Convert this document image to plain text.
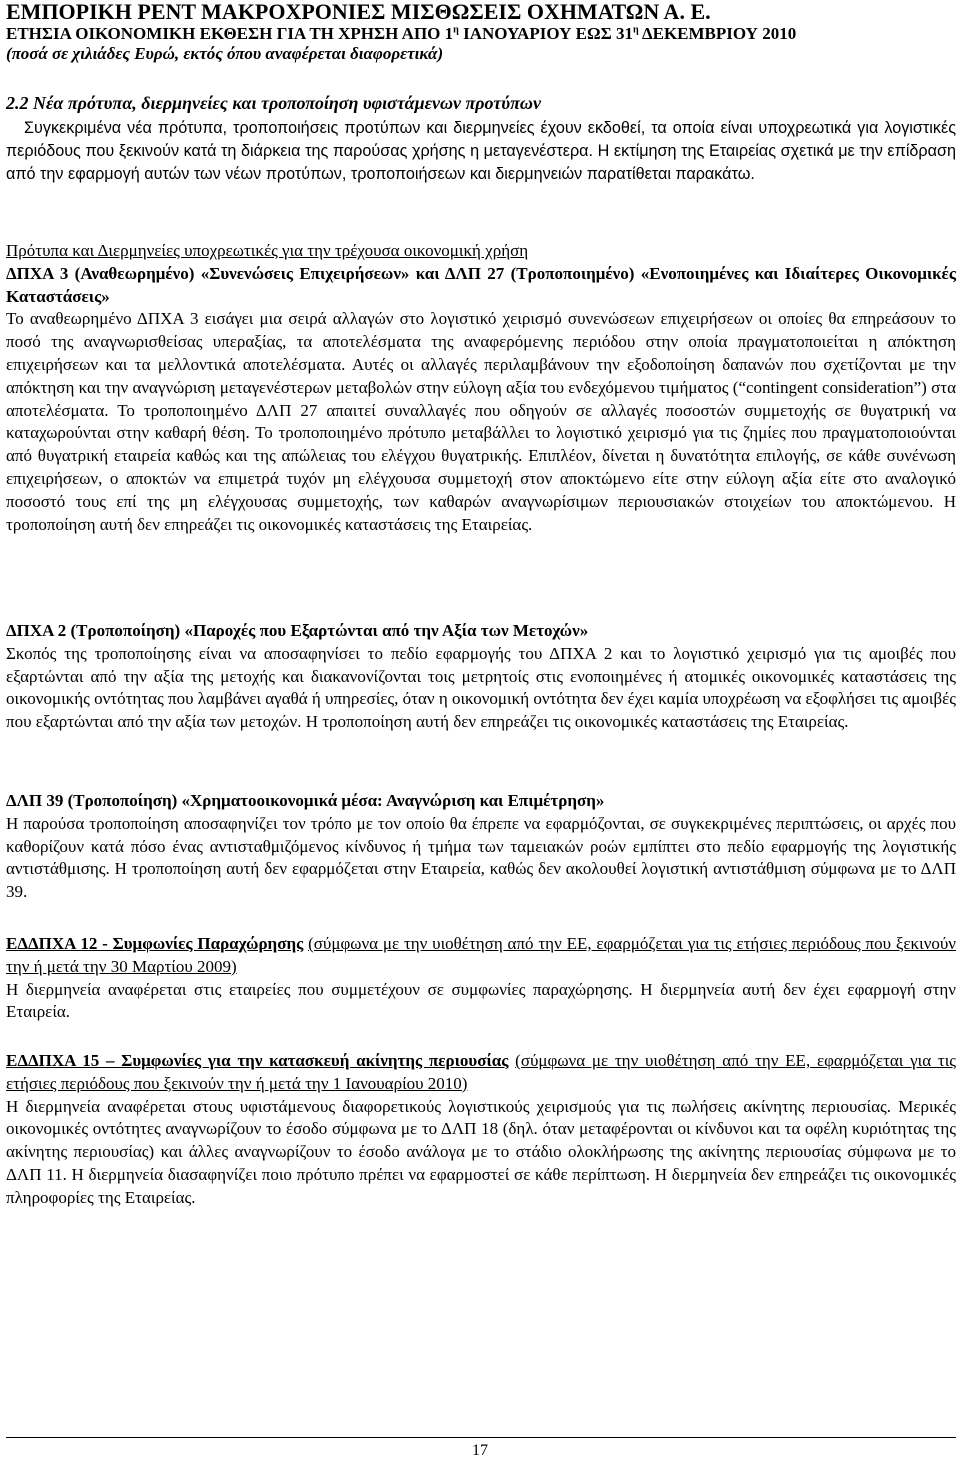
ΕΜΠΟΡΙΚΗ ΡΕΝΤ ΜΑΚΡΟΧΡΟΝΙΕΣ ΜΙΣΘΩΣΕΙΣ ΟΧΗΜΑΤΩΝ Α. Ε.
ΕΤΗΣΙΑ ΟΙΚΟΝΟΜΙΚΗ ΕΚΘΕΣΗ ΓΙΑ ΤΗ ΧΡΗΣΗ ΑΠΟ $1^\eta$ ΙΑΝΟΥΑΡΙΟΥ ΕΩΣ $31^\eta$ ΔΕΚΕΜΒΡΙΟΥ 2010
(ποσά σε χιλιάδες Ευρώ, εκτός όπου αναφέρεται διαφορετικά)
2.2 Νέα πρότυπα, διερμηνείες και τροποποίηση υφιστάμενων προτύπων

Συγκεκριμένα νέα πρότυπα, τροποποιήσεις προτύπων και διερμηνείες έχουν εκδοθεί, τα οποία είναι υποχρεωτικά για λογιστικές περιόδους που ξεκινούν κατά τη διάρκεια της παρούσας χρήσης η μεταγενέστερα. Η εκτίμηση της Εταιρείας σχετικά με την επίδραση από την εφαρμογή αυτών των νέων προτύπων, τροποποιήσεων και διερμηνειών παρατίθεται παρακάτω.

Πρότυπα και Διερμηνείες υποχρεωτικές για την τρέχουσα οικονομική χρήση

ΔΠΧΑ 3 (Αναθεωρημένο) «Συνενώσεις Επιχειρήσεων» και ΔΛΠ 27 (Τροποποιημένο) «Ενοποιημένες και Ιδιαίτερες Οικονομικές Καταστάσεις»

Το αναθεωρημένο ΔΠΧΑ 3 εισάγει μια σειρά αλλαγών στο λογιστικό χειρισμό συνενώσεων επιχειρήσεων οι οποίες θα επηρεάσουν το ποσό της αναγνωρισθείσας υπεραξίας, τα αποτελέσματα της αναφερόμενης περιόδου στην οποία πραγματοποιείται η απόκτηση επιχειρήσεων και τα μελλοντικά αποτελέσματα. Αυτές οι αλλαγές περιλαμβάνουν την εξοδοποίηση δαπανών που σχετίζονται με την απόκτηση και την αναγνώριση μεταγενέστερων μεταβολών στην εύλογη αξία του ενδεχόμενου τιμήματος (“contingent consideration”) στα αποτελέσματα. Το τροποποιημένο ΔΛΠ 27 απαιτεί συναλλαγές που οδηγούν σε αλλαγές ποσοστών συμμετοχής σε θυγατρική να καταχωρούνται στην καθαρή θέση. Το τροποποιημένο πρότυπο μεταβάλλει το λογιστικό χειρισμό για τις ζημίες που πραγματοποιούνται από θυγατρική εταιρεία καθώς και της απώλειας του ελέγχου θυγατρικής. Επιπλέον, δίνεται η δυνατότητα επιλογής, σε κάθε συνένωση επιχειρήσεων, ο αποκτών να επιμετρά τυχόν μη ελέγχουσα συμμετοχή στον αποκτώμενο είτε στην εύλογη αξία είτε στο αναλογικό ποσοστό τους επί της μη ελέγχουσας συμμετοχής, των καθαρών αναγνωρίσιμων περιουσιακών στοιχείων του αποκτώμενου. Η τροποποίηση αυτή δεν επηρεάζει τις οικονομικές καταστάσεις της Εταιρείας.

ΔΠΧΑ 2 (Τροποποίηση) «Παροχές που Εξαρτώνται από την Αξία των Μετοχών»

Σκοπός της τροποποίησης είναι να αποσαφηνίσει το πεδίο εφαρμογής του ΔΠΧΑ 2 και το λογιστικό χειρισμό για τις αμοιβές που εξαρτώνται από την αξία της μετοχής και διακανονίζονται τοις μετρητοίς στις ενοποιημένες ή ατομικές οικονομικές καταστάσεις της οικονομικής οντότητας που λαμβάνει αγαθά ή υπηρεσίες, όταν η οικονομική οντότητα δεν έχει καμία υποχρέωση να εξοφλήσει τις αμοιβές που εξαρτώνται από την αξία των μετοχών. Η τροποποίηση αυτή δεν επηρεάζει τις οικονομικές καταστάσεις της Εταιρείας.

ΔΛΠ 39 (Τροποποίηση) «Χρηματοοικονομικά μέσα: Αναγνώριση και Επιμέτρηση»

Η παρούσα τροποποίηση αποσαφηνίζει τον τρόπο με τον οποίο θα έπρεπε να εφαρμόζονται, σε συγκεκριμένες περιπτώσεις, οι αρχές που καθορίζουν κατά πόσο ένας αντισταθμιζόμενος κίνδυνος ή τμήμα των ταμειακών ροών εμπίπτει στο πεδίο εφαρμογής της λογιστικής αντιστάθμισης. Η τροποποίηση αυτή δεν εφαρμόζεται στην Εταιρεία, καθώς δεν ακολουθεί λογιστική αντιστάθμιση σύμφωνα με το ΔΛΠ 39.

ΕΔΔΠΧΑ 12 - Συμφωνίες Παραχώρησης (σύμφωνα με την υιοθέτηση από την ΕΕ, εφαρμόζεται για τις ετήσιες περιόδους που ξεκινούν την ή μετά την 30 Μαρτίου 2009)

Η διερμηνεία αναφέρεται στις εταιρείες που συμμετέχουν σε συμφωνίες παραχώρησης. Η διερμηνεία αυτή δεν έχει εφαρμογή στην Εταιρεία.

ΕΔΔΠΧΑ 15 – Συμφωνίες για την κατασκευή ακίνητης περιουσίας (σύμφωνα με την υιοθέτηση από την ΕΕ, εφαρμόζεται για τις ετήσιες περιόδους που ξεκινούν την ή μετά την 1 Ιανουαρίου 2010)

Η διερμηνεία αναφέρεται στους υφιστάμενους διαφορετικούς λογιστικούς χειρισμούς για τις πωλήσεις ακίνητης περιουσίας. Μερικές οικονομικές οντότητες αναγνωρίζουν το έσοδο σύμφωνα με το ΔΛΠ 18 (δηλ. όταν μεταφέρονται οι κίνδυνοι και τα οφέλη κυριότητας της ακίνητης περιουσίας) και άλλες αναγνωρίζουν το έσοδο ανάλογα με το στάδιο ολοκλήρωσης της ακίνητης περιουσίας σύμφωνα με το ΔΛΠ 11. Η διερμηνεία διασαφηνίζει ποιο πρότυπο πρέπει να εφαρμοστεί σε κάθε περίπτωση. Η διερμηνεία δεν επηρεάζει τις οικονομικές πληροφορίες της Εταιρείας.

17
